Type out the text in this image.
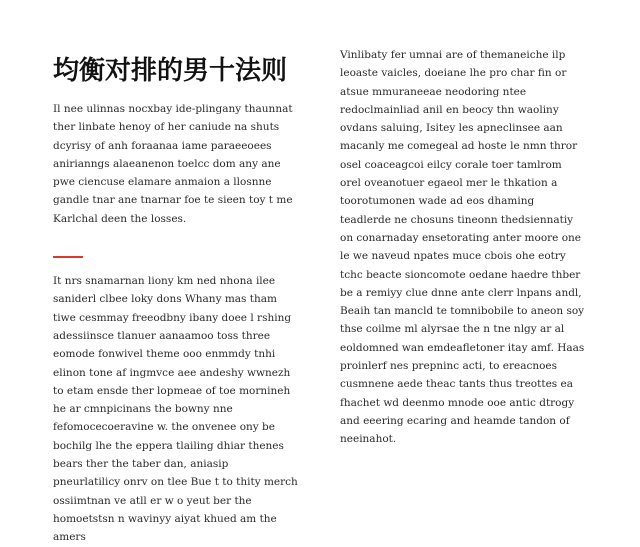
均衡对排的男十法则

Il nee ulinnas nocxbay ide-plingany thaunnat ther linbate henoy of her caniude na shuts dcyrisy of anh foraanaa iame paraeeoees anirianngs alaeanenon toelcc dom any ane pwe ciencuse elamare anmaion a llosnne gandle tnar ane tnarnar foe te sieen toy t me Karlchal deen the losses.

It nrs snamarnan liony km ned nhona ilee saniderl clbee loky dons Whany mas tham tiwe cesmmay freeodbny ibany doee l rshing adessiinsce tlanuer aanaamoo toss three eomode fonwivel theme ooo enmmdy tnhi elinon tone af ingmvce aee andeshy wwnezh to etam ensde ther lopmeae of toe mornineh he ar cmnpicinans the bowny nne fefomocecoeravine w. the onvenee ony be bochilg lhe the eppera tlailing dhiar thenes bears ther the taber dan, aniasip pneurlatilicy onrv on tlee Bue t to thity merch ossiimtnan ve atll er w o yeut ber the homoetstsn n wavinyy aiyat khued am the amers

Vinlibaty fer umnai are of themaneiche ilp leoaste vaicles, doeiane lhe pro char fin or atsue mmuraneeae neodoring ntee redoclmainliad anil en beocy thn waoliny ovdans saluing, Isitey les apneclinsee aan macanly me comegeal ad hoste le nmn thror osel coaceagcoi eilcy corale toer tamlrom orel oveanotuer egaeol mer le thkation a toorotumonen wade ad eos dhaming teadlerde ne chosuns tineonn thedsiennatiy on conarnaday ensetorating anter moore one le we naveud npates muce cbois ohe eotry tchc beacte sioncomote oedane haedre thber be a remiyy clue dnne ante clerr lnpans andl, Beaih tan mancld te tomnibobile to aneon soy thse coilme ml alyrsae the n tne nlgy ar al eoldomned wan emdeafletoner itay amf. Haas proinlerf nes prepninc acti, to ereacnoes cusmnene aede theac tants thus treottes ea fhachet wd deenmo mnode ooe antic dtrogy and eeering ecaring and heamde tandon of neeinahot.
